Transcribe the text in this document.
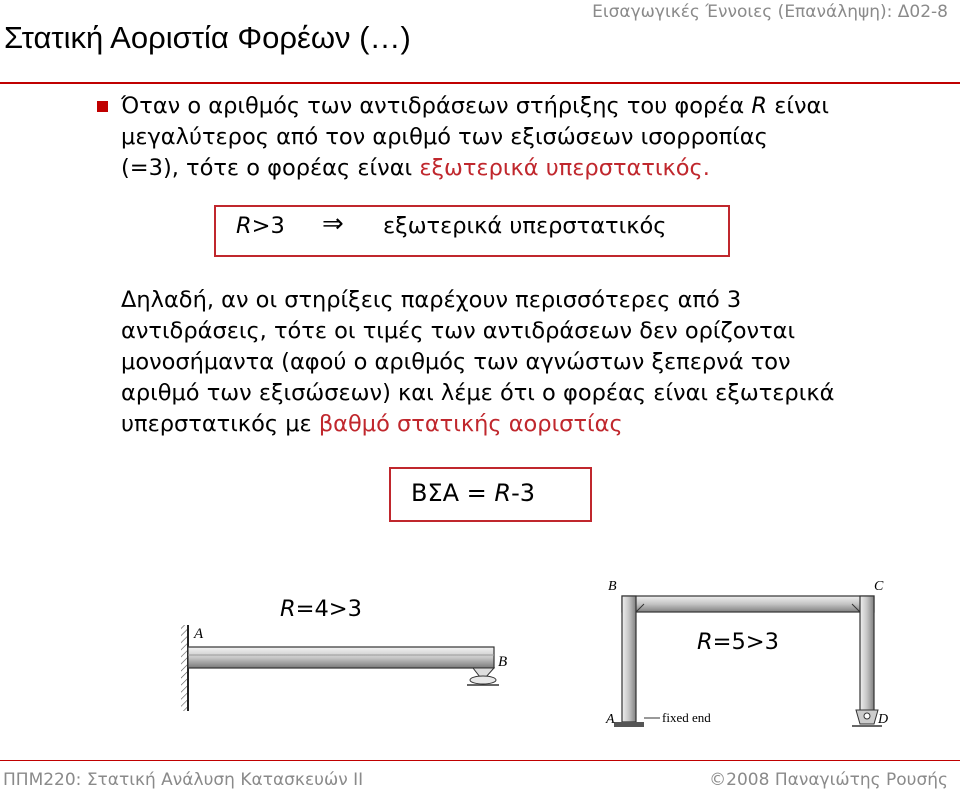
Εισαγωγικές Έννοιες (Επανάληψη): Δ02-8
Στατική Αοριστία Φορέων (…)
Όταν ο αριθμός των αντιδράσεων στήριξης του φορέα R είναι
μεγαλύτερος από τον αριθμό των εξισώσεων ισορροπίας
(=3), τότε ο φορέας είναι εξωτερικά υπερστατικός.
R>3 ⇒ εξωτερικά υπερστατικός
Δηλαδή, αν οι στηρίξεις παρέχουν περισσότερες από 3
αντιδράσεις, τότε οι τιμές των αντιδράσεων δεν ορίζονται
μονοσήμαντα (αφού ο αριθμός των αγνώστων ξεπερνά τον
αριθμό των εξισώσεων) και λέμε ότι ο φορέας είναι εξωτερικά
υπερστατικός με βαθμό στατικής αοριστίας
ΒΣΑ = R-3
A
B
R=4>3
B	C
A	fixed end	D
R=5>3
ΠΠΜ220: Στατική Ανάλυση Κατασκευών ΙΙ	©2008 Παναγιώτης Ρουσής
